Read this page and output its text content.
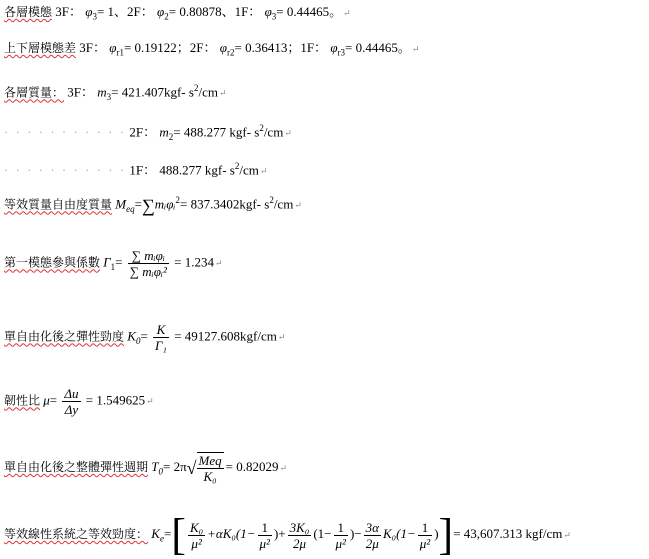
各層模態 3F： $\varphi_3= 1$、2F： $\varphi_2= 0.80878$、1F： $\varphi_3= 0.44465$。↵
上下層模態差 3F： $\varphi_{r1}= 0.19122$；2F： $\varphi_{r2}= 0.36413$；1F： $\varphi_{r3}= 0.44465$。↵
各層質量： 3F： $m_3=$ 421.407kgf‑ $s^2/cm↵$
· · · · · · · · · · · 2F： $m_2= 488.277$ kgf‑ $s^2/cm↵$
· · · · · · · · · · · 1F： 488.277 kgf‑ $s^2/cm↵$
等效質量自由度質量 $M_{eq}=\sum mᵢ\varphi ᵢ^2=$ 837.3402kgf‑ $s^2/cm↵$
第一模態參與係數 $\Gamma_1= \frac{\text{∑ mᵢφᵢ}}{\text{∑ mᵢφᵢ²}}$ = 1.234↵
單自由化後之彈性勁度 $K_0= \frac{K}{\text{Γ₁}}$ = 49127.608kgf/cm↵
韌性比 $\mu= \frac{\Delta u}{\Delta y}$ = 1.549625↵
單自由化後之整體彈性週期 $T_0= 2\pi√ \frac{\text{Meq}}{\text{K₀}}$ = 0.82029↵
等效線性系統之等效勁度： $K_e=[ \frac{\text{K₀}}{\text{μ²}} +\alpha K_0(1- \frac{1}{\text{μ²}}$ )+ $\frac{\text{3K₀}}{2\mu} (1- \frac{1}{\text{μ²}}$ )− $\frac{3\alpha}{2\mu} K_0(1- \frac{1}{\text{μ²}}$ )]= 43,607.313 kgf/cm↵
